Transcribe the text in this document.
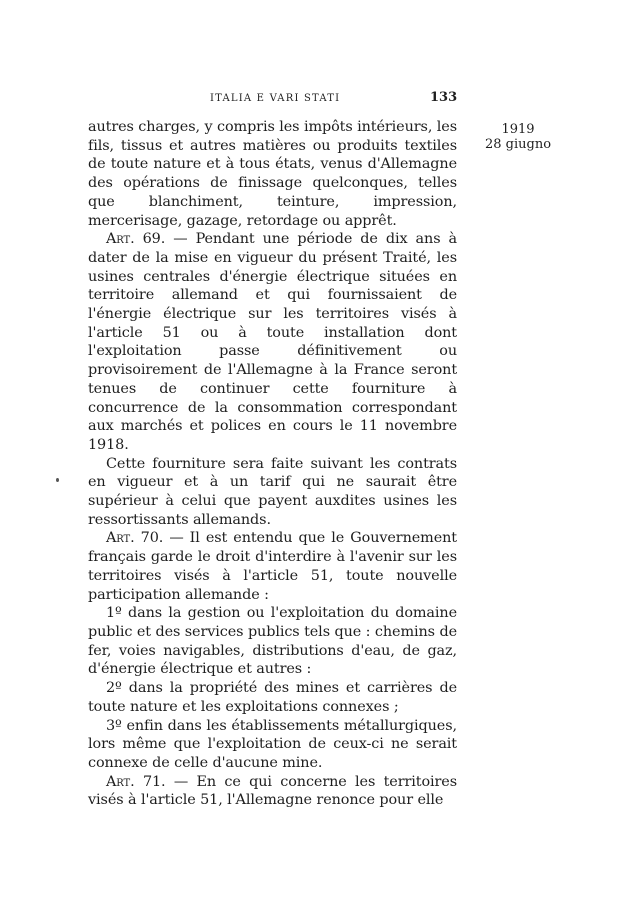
ITALIA E VARI STATI	133
1919
28 giugno

autres charges, y compris les impôts intérieurs, les fils, tissus et autres matières ou produits textiles de toute nature et à tous états, venus d'Allemagne des opérations de finissage quelconques, telles que blanchiment, teinture, impression, mercerisage, gazage, retordage ou apprêt.

Art. 69. — Pendant une période de dix ans à dater de la mise en vigueur du présent Traité, les usines centrales d'énergie électrique situées en territoire allemand et qui fournissaient de l'énergie électrique sur les territoires visés à l'article 51 ou à toute installation dont l'exploitation passe définitivement ou provisoirement de l'Allemagne à la France seront tenues de continuer cette fourniture à concurrence de la consommation correspondant aux marchés et polices en cours le 11 novembre 1918.

Cette fourniture sera faite suivant les contrats en vigueur et à un tarif qui ne saurait être supérieur à celui que payent auxdites usines les ressortissants allemands.

Art. 70. — Il est entendu que le Gouvernement français garde le droit d'interdire à l'avenir sur les territoires visés à l'article 51, toute nouvelle participation allemande :

1º dans la gestion ou l'exploitation du domaine public et des services publics tels que : chemins de fer, voies navigables, distributions d'eau, de gaz, d'énergie électrique et autres :

2º dans la propriété des mines et carrières de toute nature et les exploitations connexes ;

3º enfin dans les établissements métallurgiques, lors même que l'exploitation de ceux-ci ne serait connexe de celle d'aucune mine.

Art. 71. — En ce qui concerne les territoires visés à l'article 51, l'Allemagne renonce pour elle
